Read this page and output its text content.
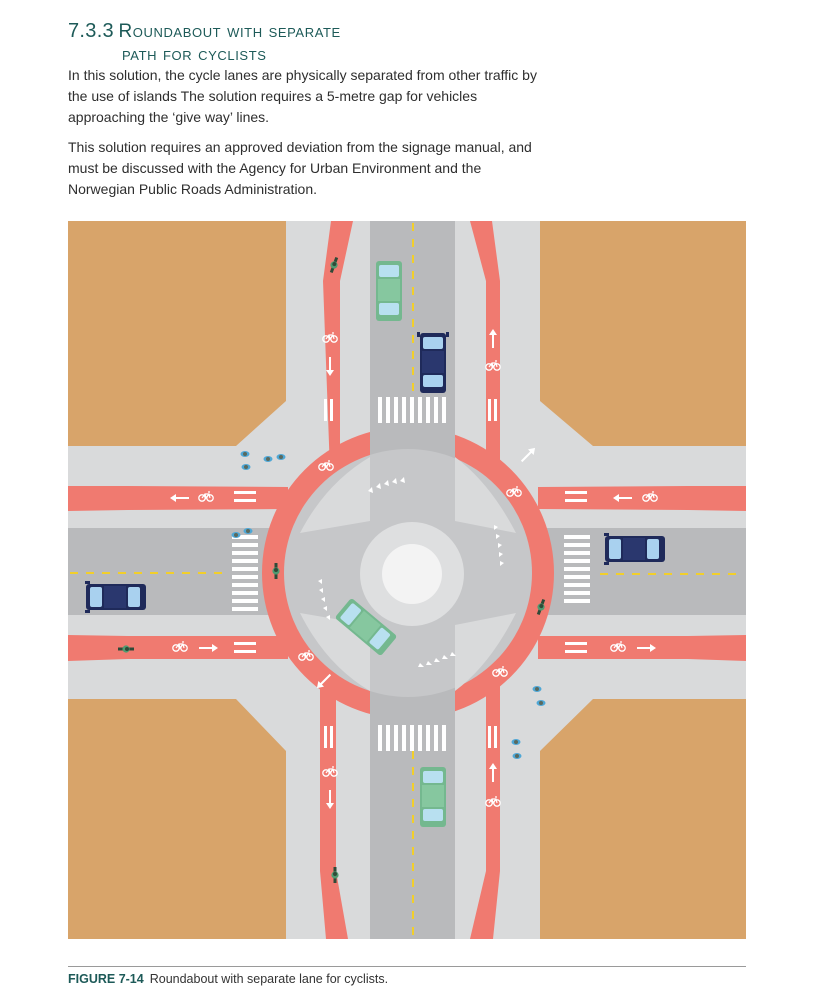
7.3.3 Roundabout with separate
path for cyclists

In this solution, the cycle lanes are physically separated from other traffic by the use of islands The solution requires a 5-metre gap for vehicles approaching the ‘give way’ lines.

This solution requires an approved deviation from the signage manual, and must be discussed with the Agency for Urban Environment and the Norwegian Public Roads Administration.

FIGURE 7-14 Roundabout with separate lane for cyclists.
